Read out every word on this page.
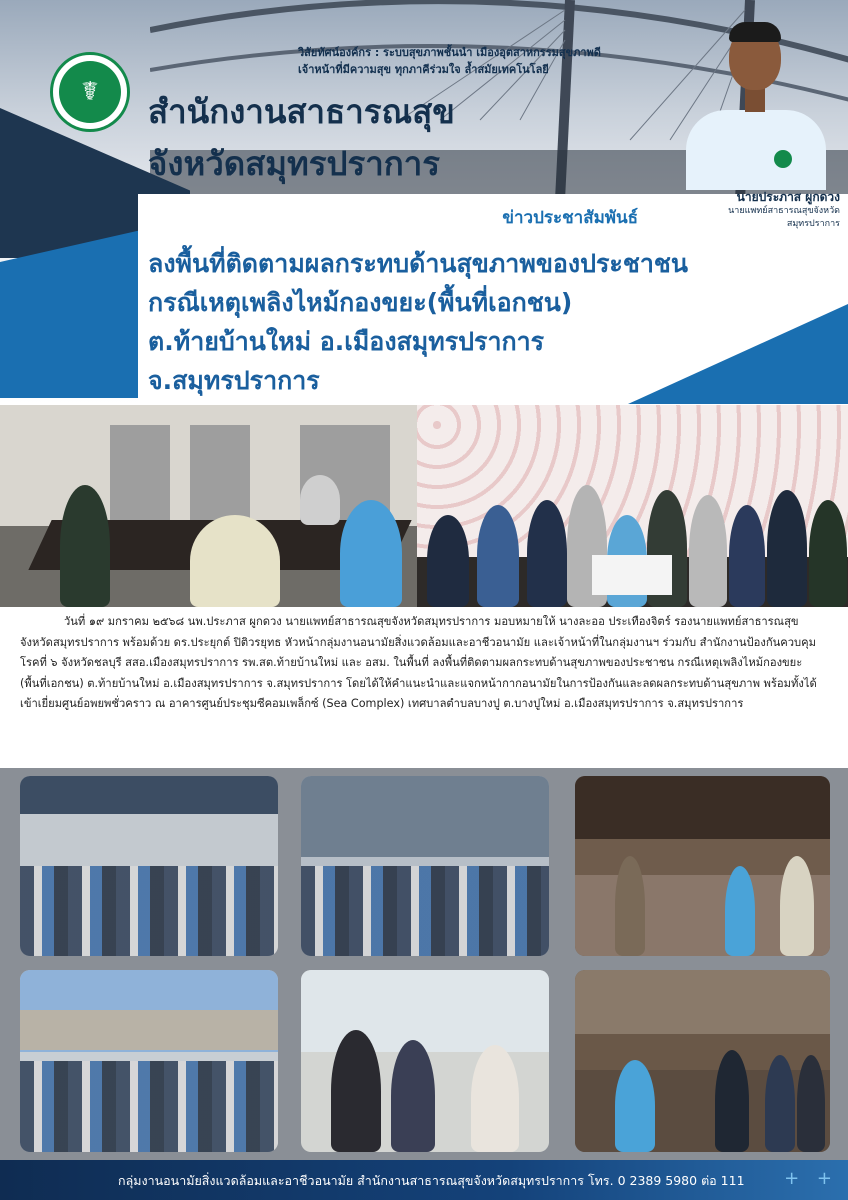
วิสัยทัศน์องค์กร : ระบบสุขภาพชั้นนำ เมืองอุตสาหกรรมสุขภาพดี
เจ้าหน้าที่มีความสุข ทุกภาคีร่วมใจ ล้ำสมัยเทคโนโลยี
☤	สำนักงานสาธารณสุข
จังหวัดสมุทรปราการ
นายประภาส ผูกดวง
นายแพทย์สาธารณสุขจังหวัดสมุทรปราการ
ข่าวประชาสัมพันธ์
ลงพื้นที่ติดตามผลกระทบด้านสุขภาพของประชาชน
กรณีเหตุเพลิงไหม้กองขยะ(พื้นที่เอกชน)
ต.ท้ายบ้านใหม่ อ.เมืองสมุทรปราการ
จ.สมุทรปราการ

วันที่ ๑๙ มกราคม ๒๕๖๘ นพ.ประภาส ผูกดวง นายแพทย์สาธารณสุขจังหวัดสมุทรปราการ มอบหมายให้ นางละออ ประเทืองจิตร์ รองนายแพทย์สาธารณสุขจังหวัดสมุทรปราการ พร้อมด้วย ดร.ประยุกต์ ปิติวรยุทธ หัวหน้ากลุ่มงานอนามัยสิ่งแวดล้อมและอาชีวอนามัย และเจ้าหน้าที่ในกลุ่มงานฯ ร่วมกับ สำนักงานป้องกันควบคุมโรคที่ ๖ จังหวัดชลบุรี สสอ.เมืองสมุทรปราการ รพ.สต.ท้ายบ้านใหม่ และ อสม. ในพื้นที่ ลงพื้นที่ติดตามผลกระทบด้านสุขภาพของประชาชน กรณีเหตุเพลิงไหม้กองขยะ (พื้นที่เอกชน) ต.ท้ายบ้านใหม่ อ.เมืองสมุทรปราการ จ.สมุทรปราการ โดยได้ให้คำแนะนำและแจกหน้ากากอนามัยในการป้องกันและลดผลกระทบด้านสุขภาพ พร้อมทั้งได้เข้าเยี่ยมศูนย์อพยพชั่วคราว ณ อาคารศูนย์ประชุมซีคอมเพล็กซ์ (Sea Complex) เทศบาลตำบลบางปู ต.บางปูใหม่ อ.เมืองสมุทรปราการ จ.สมุทรปราการ

กลุ่มงานอนามัยสิ่งแวดล้อมและอาชีวอนามัย สำนักงานสาธารณสุขจังหวัดสมุทรปราการ โทร. 0 2389 5980 ต่อ 111 + +
